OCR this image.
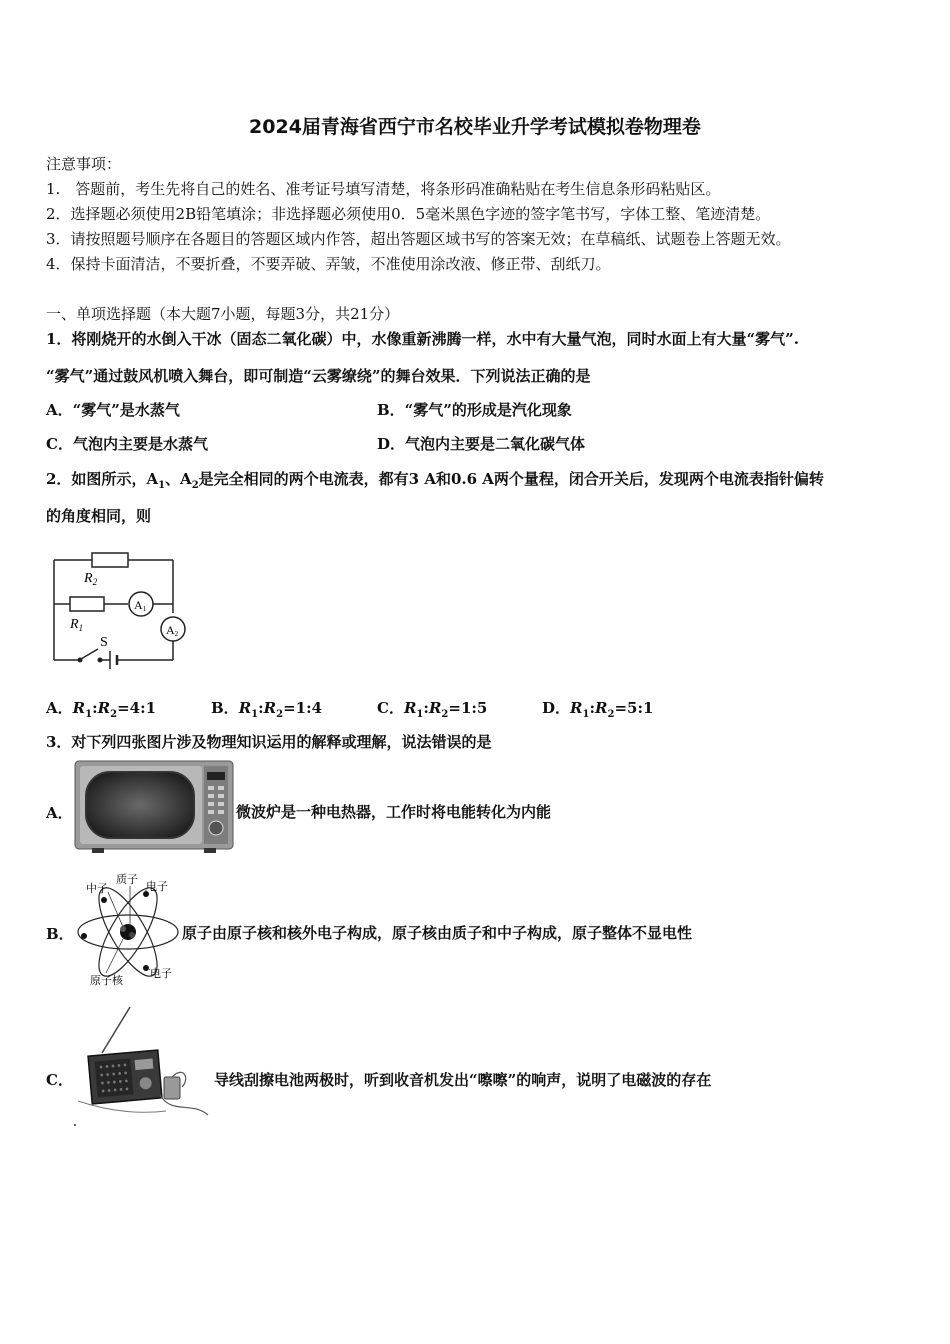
2024届青海省西宁市名校毕业升学考试模拟卷物理卷
注意事项：
1.　答题前，考生先将自己的姓名、准考证号填写清楚，将条形码准确粘贴在考生信息条形码粘贴区。
2．选择题必须使用2B铅笔填涂；非选择题必须使用0．5毫米黑色字迹的签字笔书写，字体工整、笔迹清楚。
3．请按照题号顺序在各题目的答题区域内作答，超出答题区域书写的答案无效；在草稿纸、试题卷上答题无效。
4．保持卡面清洁，不要折叠，不要弄破、弄皱，不准使用涂改液、修正带、刮纸刀。
一、单项选择题（本大题7小题，每题3分，共21分）
1．将刚烧开的水倒入干冰（固态二氧化碳）中，水像重新沸腾一样，水中有大量气泡，同时水面上有大量“雾气”.
“雾气”通过鼓风机喷入舞台，即可制造“云雾缭绕”的舞台效果．下列说法正确的是
A．“雾气”是水蒸气	B．“雾气”的形成是汽化现象
C．气泡内主要是水蒸气	D．气泡内主要是二氧化碳气体
2．如图所示，$A_1$、$A_2$是完全相同的两个电流表，都有3 A和0.6 A两个量程，闭合开关后，发现两个电流表指针偏转
的角度相同，则
$R_2$
$R_1$
A1
A2
S
A．$R_1:R_2=4:1$	B．$R_1:R_2=1:4$	C．$R_1:R_2=1:5$	D．$R_1:R_2=5:1$
3．对下列四张图片涉及物理知识运用的解释或理解，说法错误的是
A．	微波炉是一种电热器，工作时将电能转化为内能
B．
中子
质子
电子
原子核
电子
原子由原子核和核外电子构成，原子核由质子和中子构成，原子整体不显电性
C．	导线刮擦电池两极时，听到收音机发出“嚓嚓”的响声，说明了电磁波的存在
